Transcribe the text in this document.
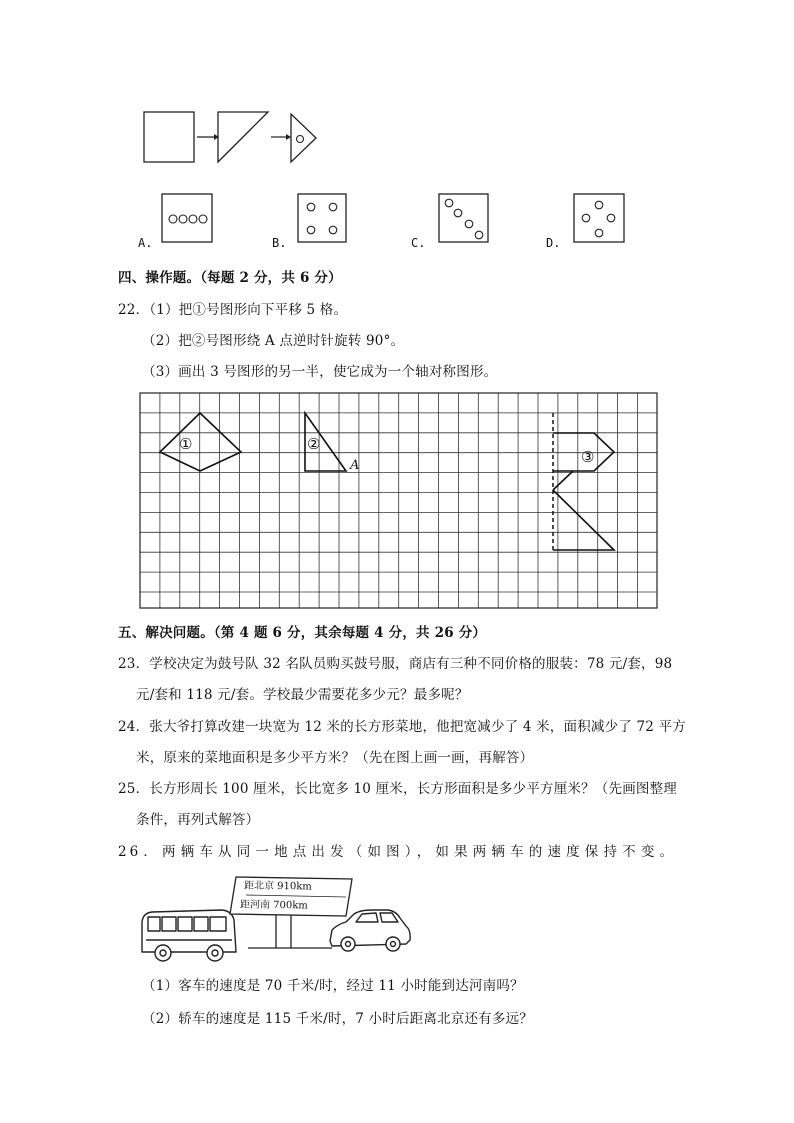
A.	B.	C.	D.
四、操作题。（每题 2 分，共 6 分）
22．（1）把①号图形向下平移 5 格。
（2）把②号图形绕 A 点逆时针旋转 90°。
（3）画出 3 号图形的另一半，使它成为一个轴对称图形。
①	②
A	③
五、解决问题。（第 4 题 6 分，其余每题 4 分，共 26 分）
23．学校决定为鼓号队 32 名队员购买鼓号服，商店有三种不同价格的服装：78 元/套，98
元/套和 118 元/套。学校最少需要花多少元？最多呢？
24．张大爷打算改建一块宽为 12 米的长方形菜地，他把宽减少了 4 米，面积减少了 72 平方
米，原来的菜地面积是多少平方米？（先在图上画一画，再解答）
25．长方形周长 100 厘米，长比宽多 10 厘米，长方形面积是多少平方厘米？（先画图整理
条件，再列式解答）
26．两辆车从同一地点出发（如图），如果两辆车的速度保持不变。
距北京 910km
距河南 700km
（1）客车的速度是 70 千米/时，经过 11 小时能到达河南吗？
（2）轿车的速度是 115 千米/时，7 小时后距离北京还有多远？
